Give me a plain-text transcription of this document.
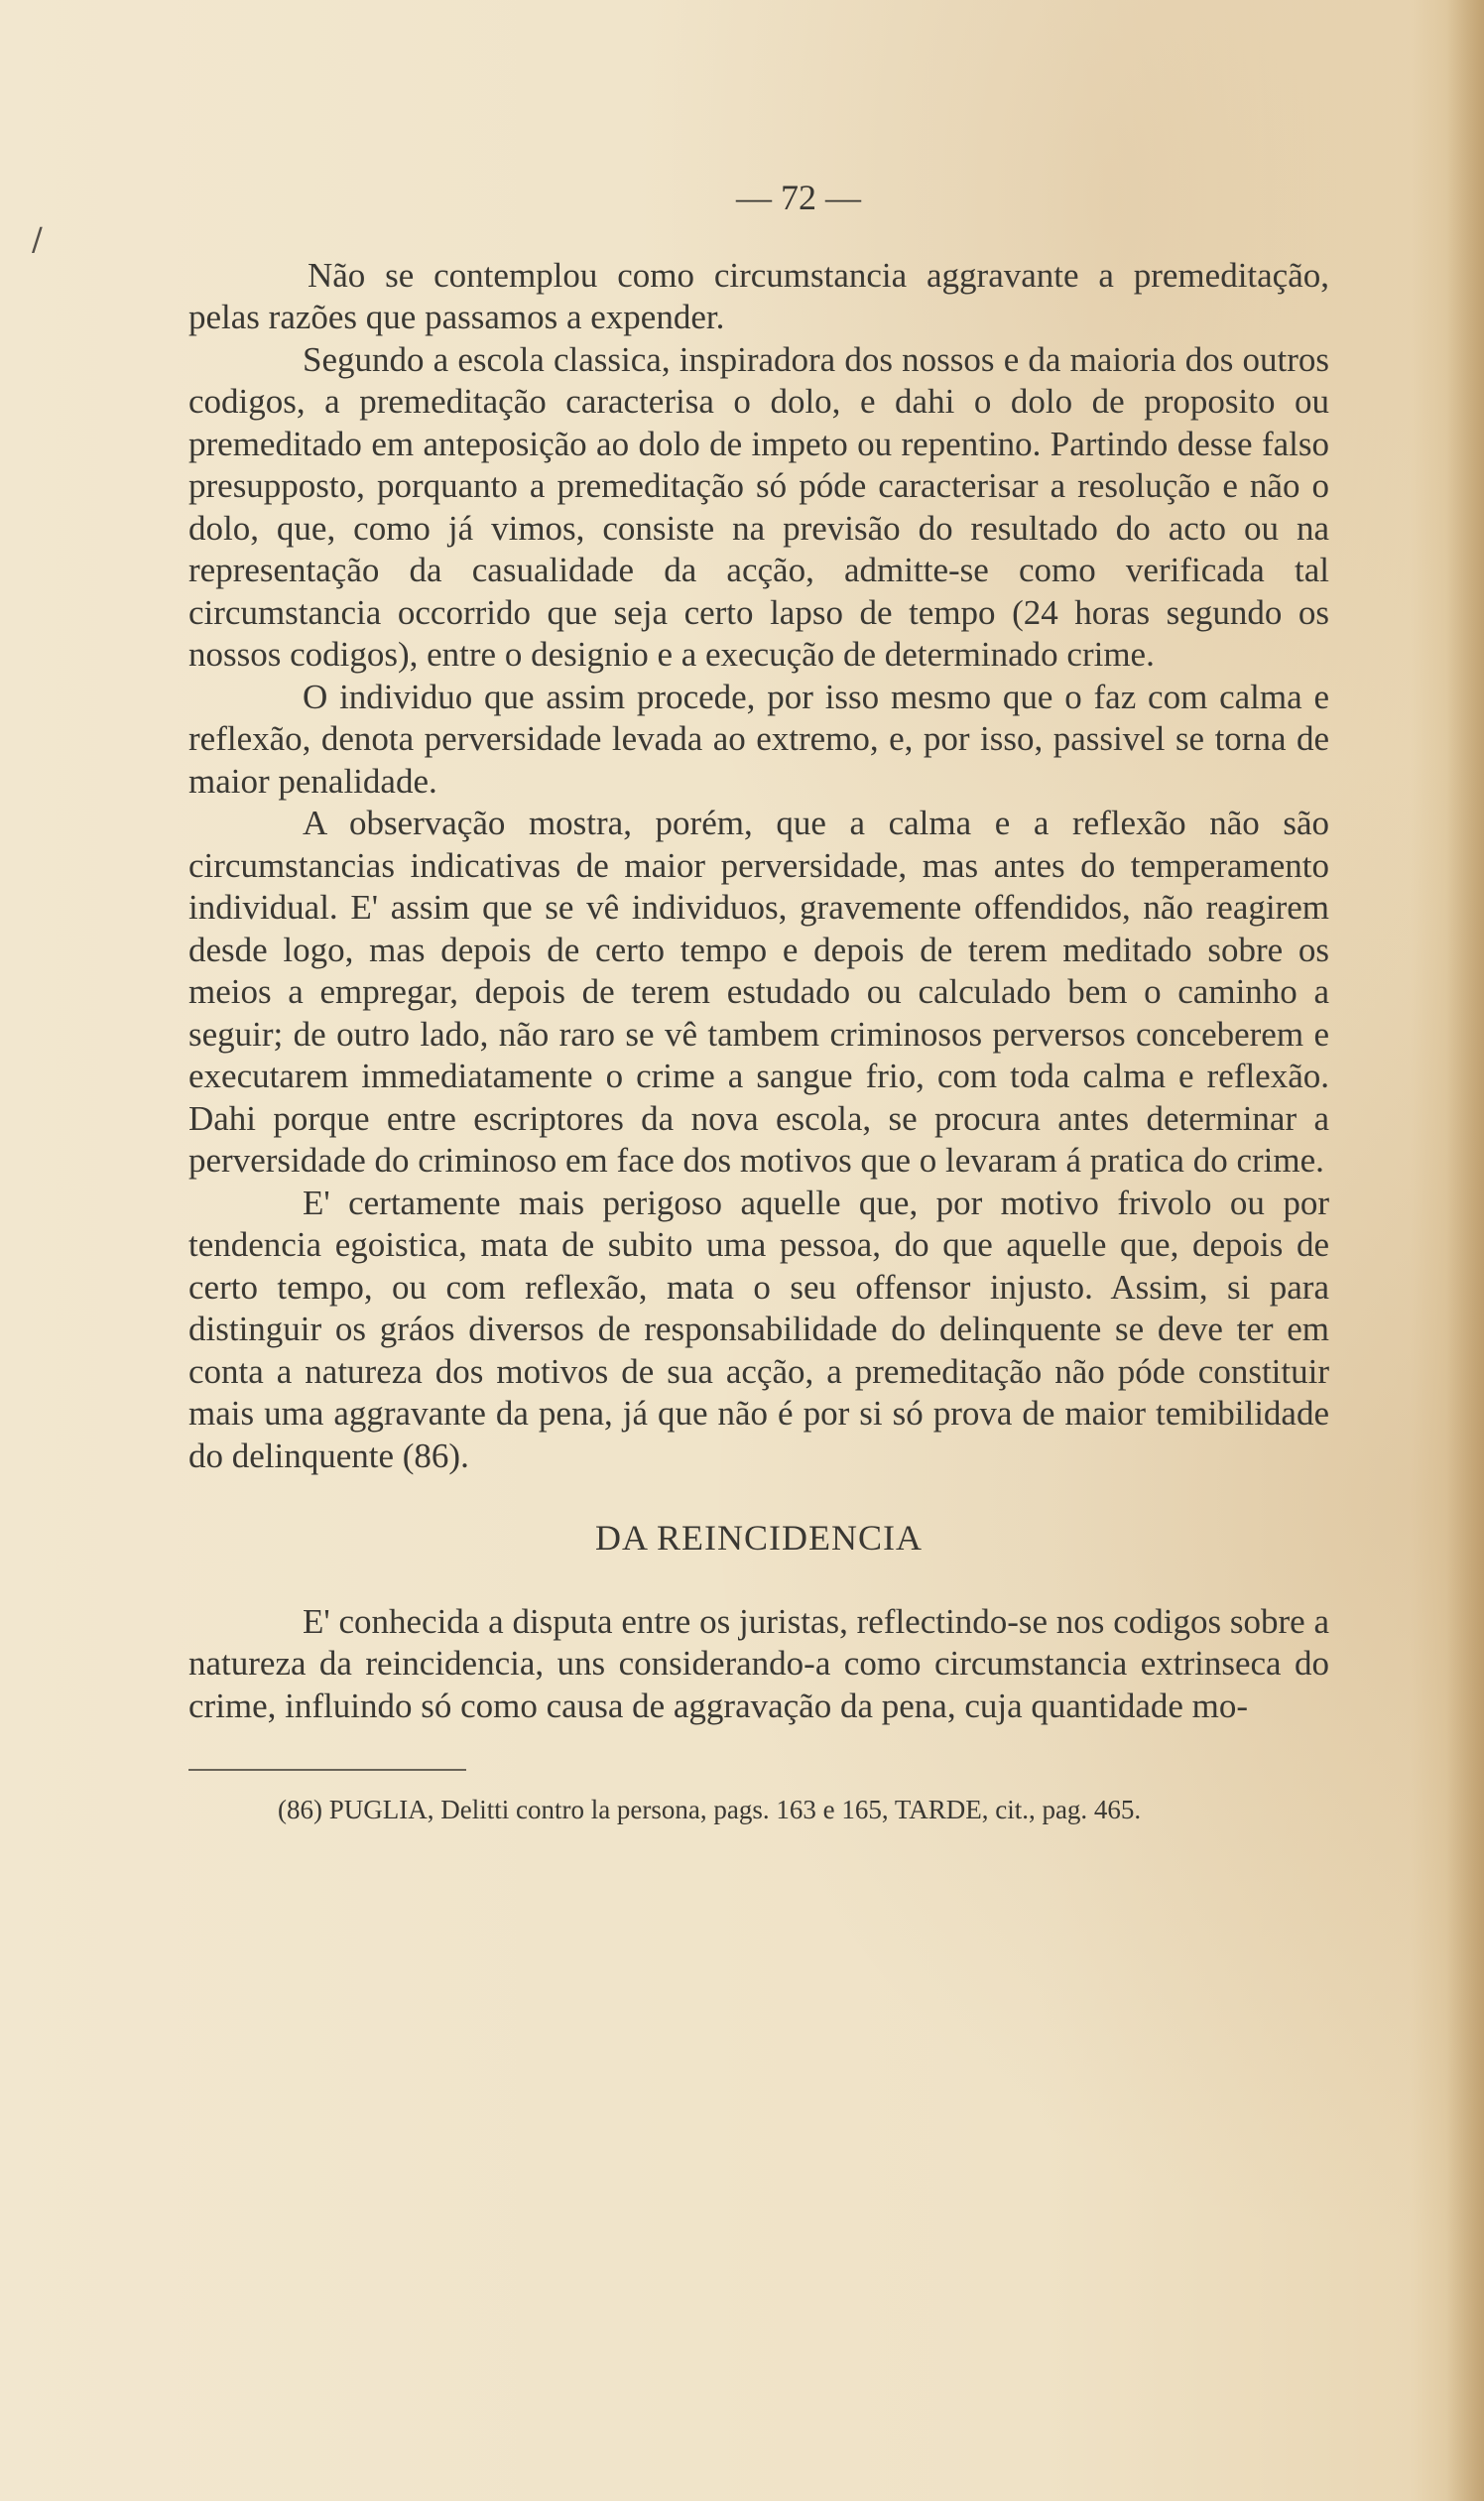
/
— 72 —

Não se contemplou como circumstancia aggravante a premeditação, pelas razões que passamos a expender.

Segundo a escola classica, inspiradora dos nossos e da maioria dos outros codigos, a premeditação caracterisa o dolo, e dahi o dolo de proposito ou premeditado em anteposição ao dolo de impeto ou repentino. Partindo desse falso presupposto, porquanto a premeditação só póde caracterisar a resolução e não o dolo, que, como já vimos, consiste na previsão do resultado do acto ou na representação da casualidade da acção, admitte-se como verificada tal circumstancia occorrido que seja certo lapso de tempo (24 horas segundo os nossos codigos), entre o designio e a execução de determinado crime.

O individuo que assim procede, por isso mesmo que o faz com calma e reflexão, denota perversidade levada ao extremo, e, por isso, passivel se torna de maior penalidade.

A observação mostra, porém, que a calma e a reflexão não são circumstancias indicativas de maior perversidade, mas antes do temperamento individual. E' assim que se vê individuos, gravemente offendidos, não reagirem desde logo, mas depois de certo tempo e depois de terem meditado sobre os meios a empregar, depois de terem estudado ou calculado bem o caminho a seguir; de outro lado, não raro se vê tambem criminosos perversos conceberem e executarem immediatamente o crime a sangue frio, com toda calma e reflexão. Dahi porque entre escriptores da nova escola, se procura antes determinar a perversidade do criminoso em face dos motivos que o levaram á pratica do crime.

E' certamente mais perigoso aquelle que, por motivo frivolo ou por tendencia egoistica, mata de subito uma pessoa, do que aquelle que, depois de certo tempo, ou com reflexão, mata o seu offensor injusto. Assim, si para distinguir os gráos diversos de responsabilidade do delinquente se deve ter em conta a natureza dos motivos de sua acção, a premeditação não póde constituir mais uma aggravante da pena, já que não é por si só prova de maior temibilidade do delinquente (86).

DA REINCIDENCIA

E' conhecida a disputa entre os juristas, reflectindo-se nos codigos sobre a natureza da reincidencia, uns considerando-a como circumstancia extrinseca do crime, influindo só como causa de aggravação da pena, cuja quantidade mo-

(86) PUGLIA, Delitti contro la persona, pags. 163 e 165, TARDE, cit., pag. 465.
